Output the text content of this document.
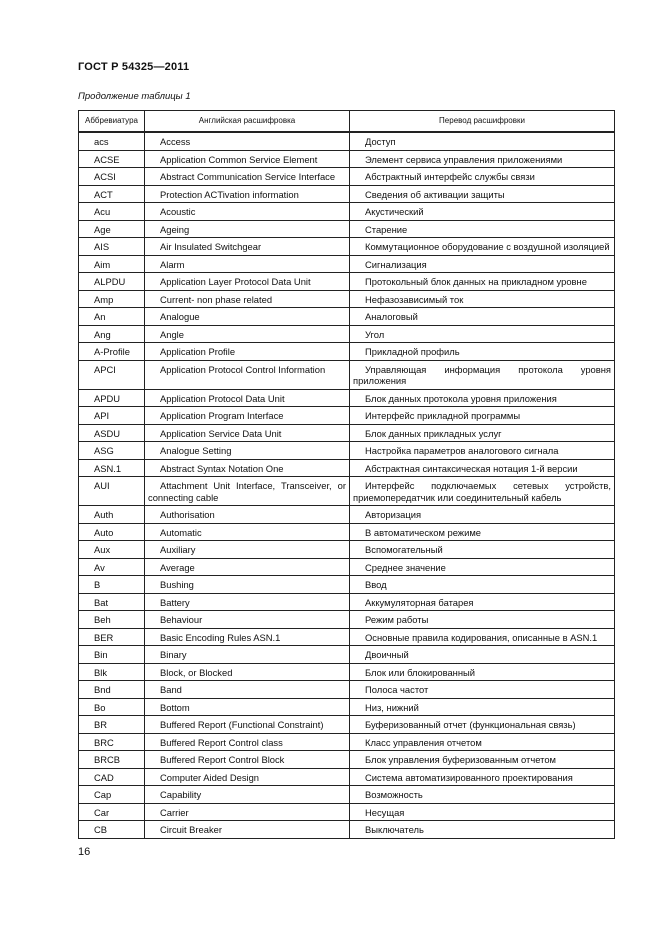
ГОСТ Р 54325—2011
Продолжение таблицы 1
Аббревиатура	Английская расшифровка	Перевод расшифровки
acs	Access	Доступ
ACSE	Application Common Service Element	Элемент сервиса управления приложениями
ACSI	Abstract Communication Service Interface	Абстрактный интерфейс службы связи
ACT	Protection ACTivation information	Сведения об активации защиты
Acu	Acoustic	Акустический
Age	Ageing	Старение
AIS	Air Insulated Switchgear	Коммутационное оборудование с воздушной изоляцией
Aim	Alarm	Сигнализация
ALPDU	Application Layer Protocol Data Unit	Протокольный блок данных на прикладном уровне
Amp	Current- non phase related	Нефазозависимый ток
An	Analogue	Аналоговый
Ang	Angle	Угол
A-Profile	Application Profile	Прикладной профиль
APCI	Application Protocol Control Information	Управляющая информация протокола уровня приложения
APDU	Application Protocol Data Unit	Блок данных протокола уровня приложения
API	Application Program Interface	Интерфейс прикладной программы
ASDU	Application Service Data Unit	Блок данных прикладных услуг
ASG	Analogue Setting	Настройка параметров аналогового сигнала
ASN.1	Abstract Syntax Notation One	Абстрактная синтаксическая нотация 1-й версии
AUI	Attachment Unit Interface, Transceiver, or connecting cable	Интерфейс подключаемых сетевых устройств, приемопередатчик или соединительный кабель
Auth	Authorisation	Авторизация
Auto	Automatic	В автоматическом режиме
Aux	Auxiliary	Вспомогательный
Av	Average	Среднее значение
B	Bushing	Ввод
Bat	Battery	Аккумуляторная батарея
Beh	Behaviour	Режим работы
BER	Basic Encoding Rules ASN.1	Основные правила кодирования, описанные в ASN.1
Bin	Binary	Двоичный
Blk	Block, or Blocked	Блок или блокированный
Bnd	Band	Полоса частот
Bo	Bottom	Низ, нижний
BR	Buffered Report (Functional Constraint)	Буферизованный отчет (функциональная связь)
BRC	Buffered Report Control class	Класс управления отчетом
BRCB	Buffered Report Control Block	Блок управления буферизованным отчетом
CAD	Computer Aided Design	Система автоматизированного проектирования
Cap	Capability	Возможность
Car	Carrier	Несущая
CB	Circuit Breaker	Выключатель
16
